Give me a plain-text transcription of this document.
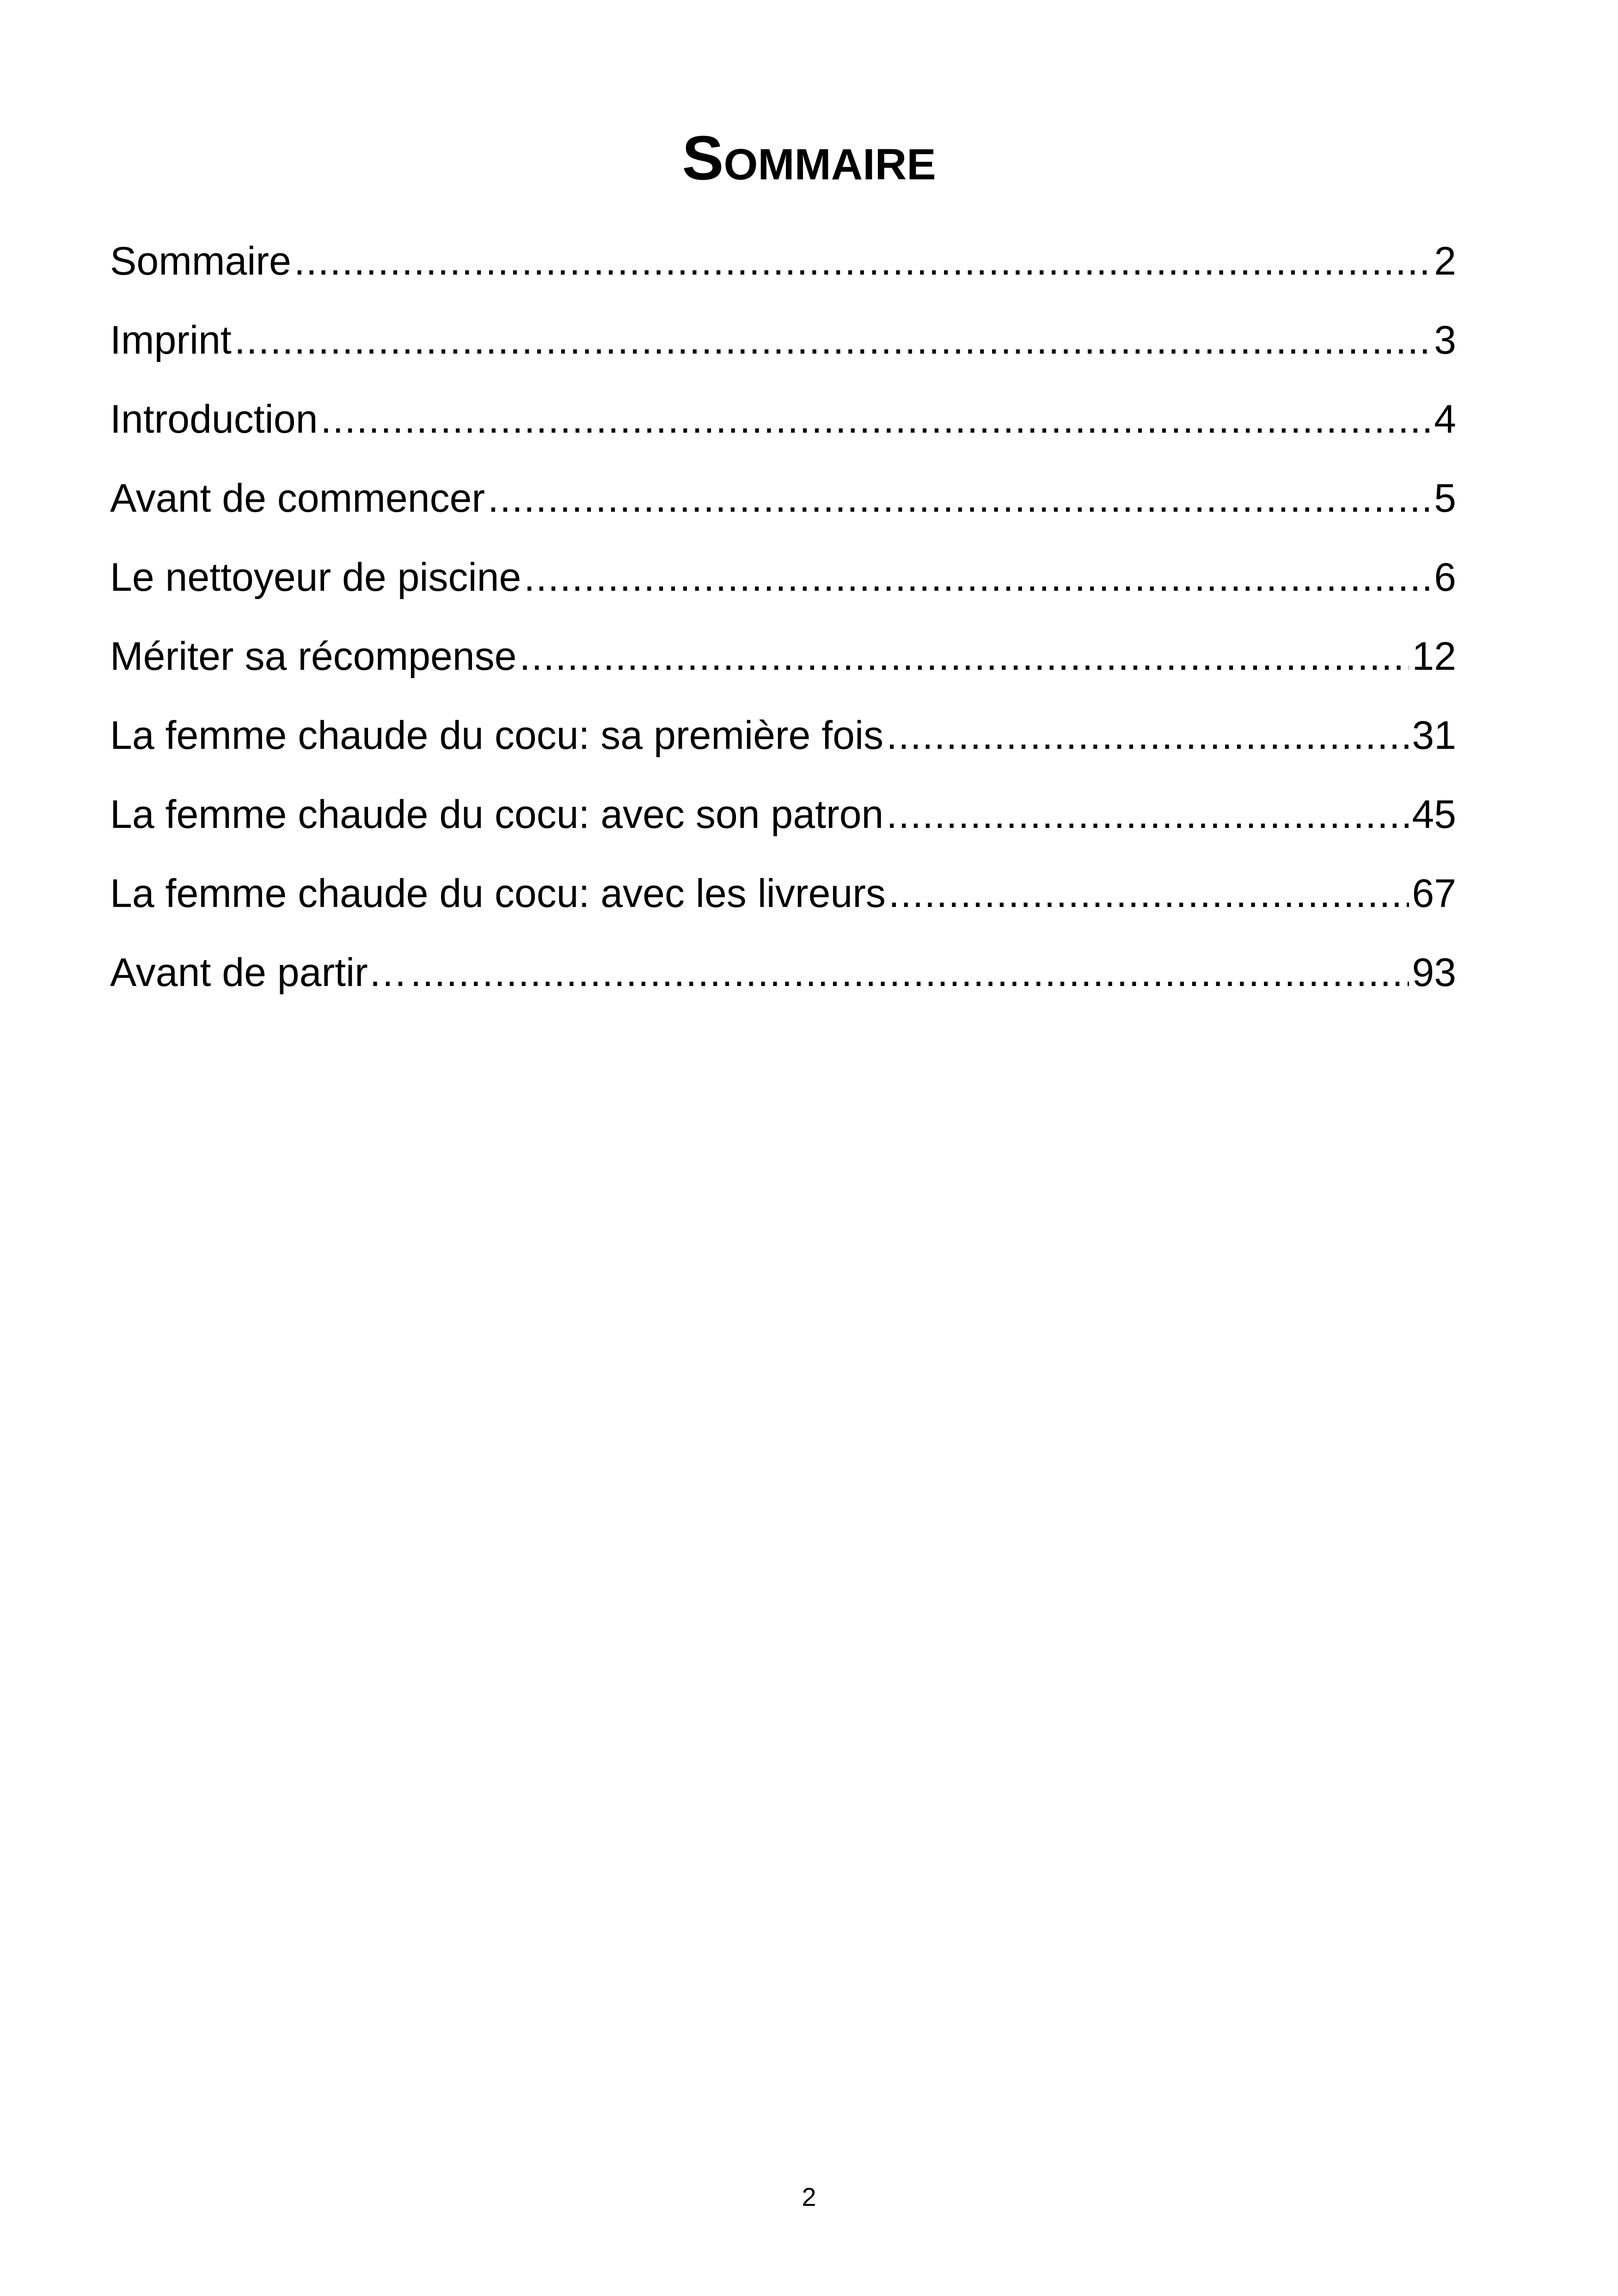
Sommaire
Sommaire .....	2
Imprint .....	3
Introduction .....	4
Avant de commencer .....	5
Le nettoyeur de piscine .....	6
Mériter sa récompense .....	12
La femme chaude du cocu: sa première fois .....	31
La femme chaude du cocu: avec son patron .....	45
La femme chaude du cocu: avec les livreurs .....	67
Avant de partir… .....	93
2
